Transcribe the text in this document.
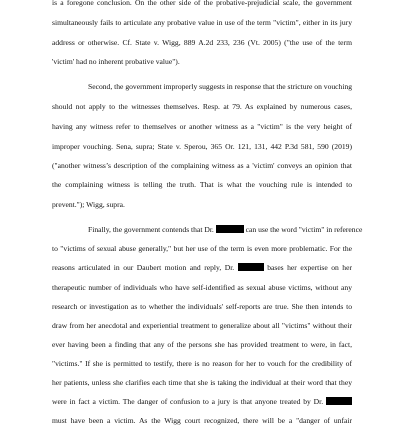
is a foregone conclusion. On the other side of the probative-prejudicial scale, the government
simultaneously fails to articulate any probative value in use of the term "victim", either in its jury
address or otherwise. Cf. State v. Wigg, 889 A.2d 233, 236 (Vt. 2005) ("the use of the term
'victim' had no inherent probative value").
Second, the government improperly suggests in response that the stricture on vouching
should not apply to the witnesses themselves. Resp. at 79. As explained by numerous cases,
having any witness refer to themselves or another witness as a "victim" is the very height of
improper vouching. Sena, supra; State v. Sperou, 365 Or. 121, 131, 442 P.3d 581, 590 (2019)
("another witness’s description of the complaining witness as a 'victim' conveys an opinion that
the complaining witness is telling the truth. That is what the vouching rule is intended to
prevent."); Wigg, supra.
Finally, the government contends that Dr.	can use the word "victim" in reference
to "victims of sexual abuse generally," but her use of the term is even more problematic. For the
reasons articulated in our Daubert motion and reply, Dr.	bases her expertise on her
therapeutic number of individuals who have self-identified as sexual abuse victims, without any
research or investigation as to whether the individuals' self-reports are true. She then intends to
draw from her anecdotal and experiential treatment to generalize about all "victims" without their
ever having been a finding that any of the persons she has provided treatment to were, in fact,
"victims." If she is permitted to testify, there is no reason for her to vouch for the credibility of
her patients, unless she clarifies each time that she is taking the individual at their word that they
were in fact a victim. The danger of confusion to a jury is that anyone treated by Dr.
must have been a victim. As the Wigg court recognized, there will be a "danger of unfair
